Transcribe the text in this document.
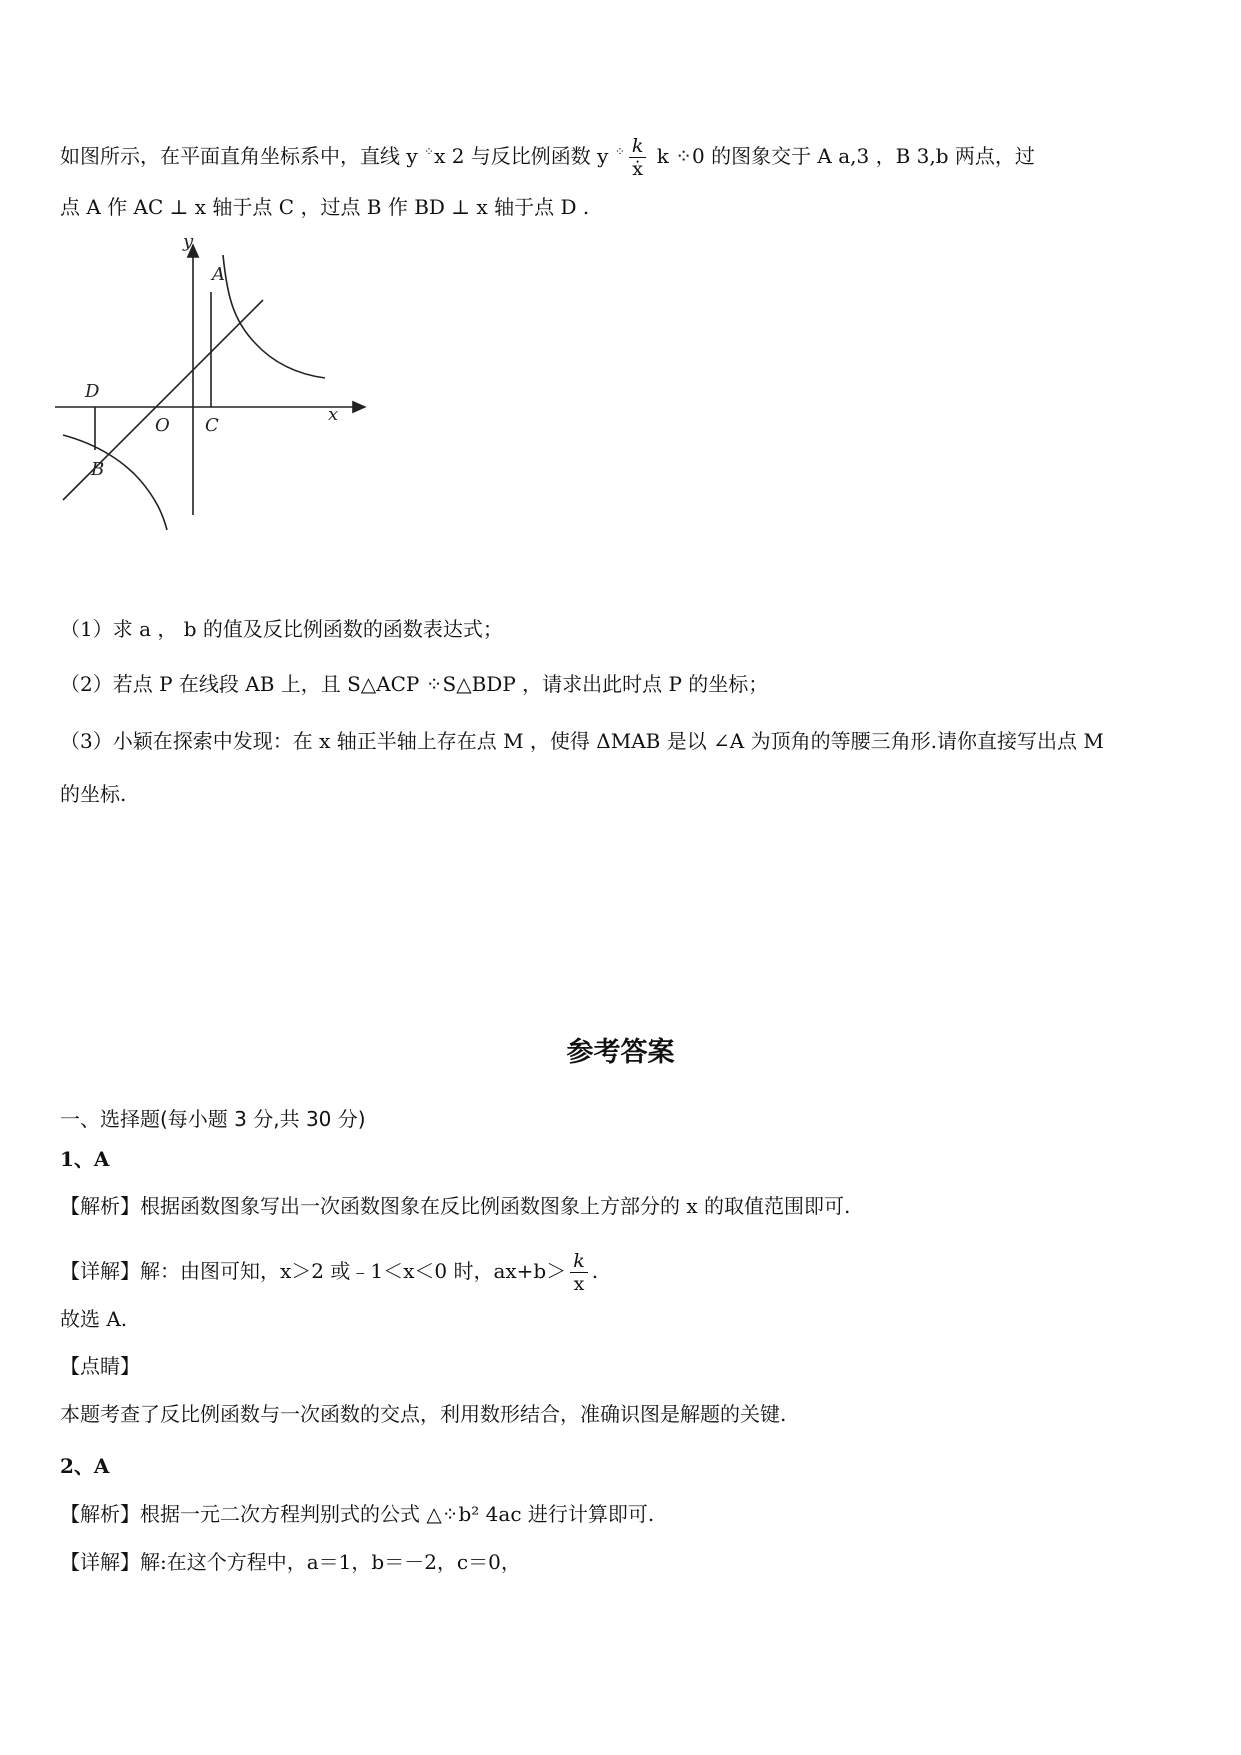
如图所示，在平面直角坐标系中，直线 y ⁘x 2 与反比例函数 y $^⁘ \frac{k}{\text{ẋ}}$ k ⁘0 的图象交于 A a,3 ，B 3,b 两点，过
点 A 作 AC ⊥ x 轴于点 C ，过点 B 作 BD ⊥ x 轴于点 D .
y
x
A
B
C
D
O
（1）求 a ， b 的值及反比例函数的函数表达式；
（2）若点 P 在线段 AB 上，且 S△ACP ⁘S△BDP ，请求出此时点 P 的坐标；
（3）小颖在探索中发现：在 x 轴正半轴上存在点 M ，使得 ΔMAB 是以 ∠A 为顶角的等腰三角形.请你直接写出点 M
的坐标.
参考答案
一、选择题(每小题 3 分,共 30 分)
1、A
【解析】根据函数图象写出一次函数图象在反比例函数图象上方部分的 x 的取值范围即可.
【详解】解：由图可知，x＞2 或﹣1＜x＜0 时，$ax+b> \frac{k}{x}$ .
故选 A.
【点睛】
本题考查了反比例函数与一次函数的交点，利用数形结合，准确识图是解题的关键.
2、A
【解析】根据一元二次方程判别式的公式 △⁘b² 4ac 进行计算即可.
【详解】解:在这个方程中，a＝1，b＝－2，c＝0，
